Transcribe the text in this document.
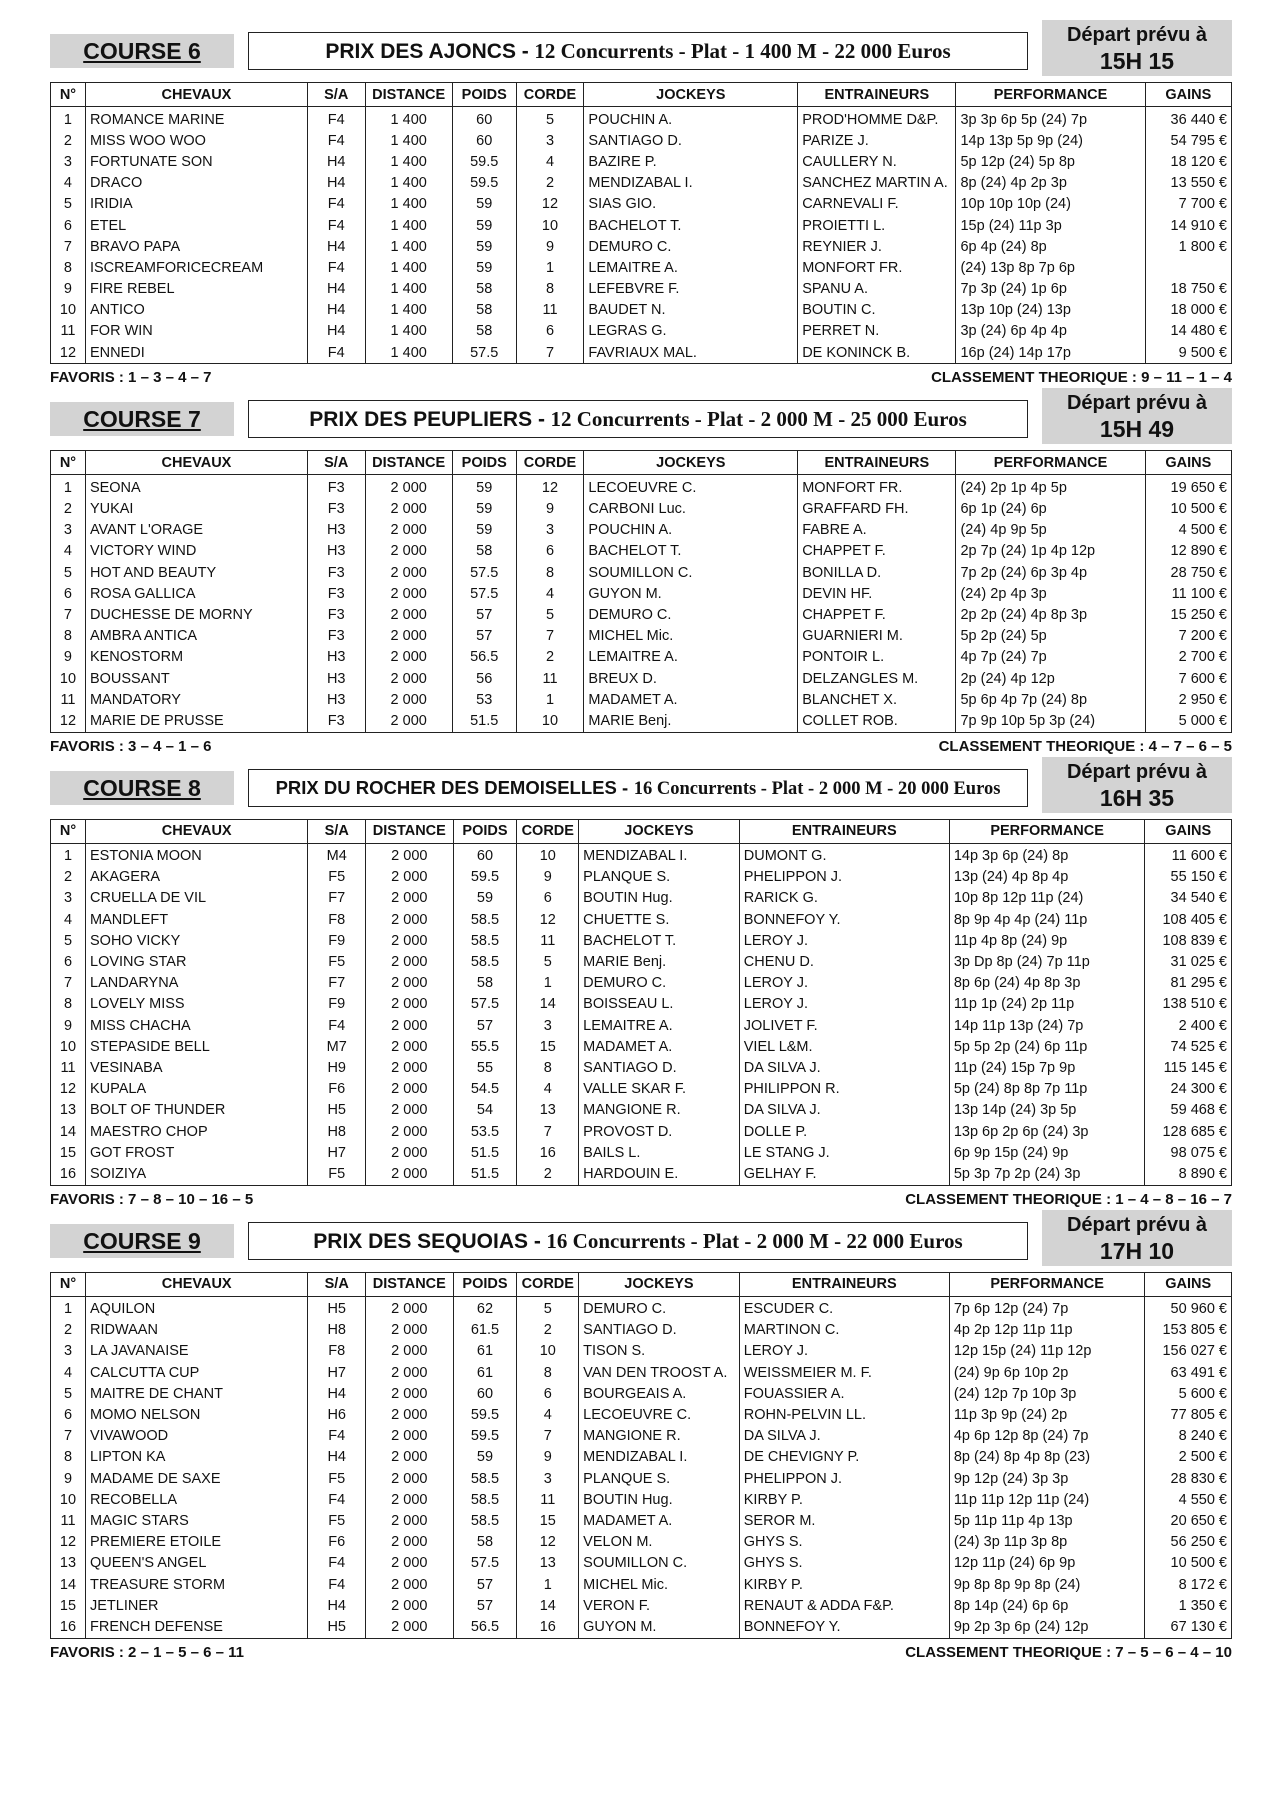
COURSE 6	PRIX DES AJONCS - 12 Concurrents - Plat - 1 400 M - 22 000 Euros
Départ prévu à
15H 15
N°	CHEVAUX	S/A	DISTANCE	POIDS	CORDE	JOCKEYS	ENTRAINEURS	PERFORMANCE	GAINS
1	ROMANCE MARINE	F4	1 400	60	5	POUCHIN A.	PROD'HOMME D&P.	3p 3p 6p 5p (24) 7p	36 440 €
2	MISS WOO WOO	F4	1 400	60	3	SANTIAGO D.	PARIZE J.	14p 13p 5p 9p (24)	54 795 €
3	FORTUNATE SON	H4	1 400	59.5	4	BAZIRE P.	CAULLERY N.	5p 12p (24) 5p 8p	18 120 €
4	DRACO	H4	1 400	59.5	2	MENDIZABAL I.	SANCHEZ MARTIN A.	8p (24) 4p 2p 3p	13 550 €
5	IRIDIA	F4	1 400	59	12	SIAS GIO.	CARNEVALI F.	10p 10p 10p (24)	7 700 €
6	ETEL	F4	1 400	59	10	BACHELOT T.	PROIETTI L.	15p (24) 11p 3p	14 910 €
7	BRAVO PAPA	H4	1 400	59	9	DEMURO C.	REYNIER J.	6p 4p (24) 8p	1 800 €
8	ISCREAMFORICECREAM	F4	1 400	59	1	LEMAITRE A.	MONFORT FR.	(24) 13p 8p 7p 6p	
9	FIRE REBEL	H4	1 400	58	8	LEFEBVRE F.	SPANU A.	7p 3p (24) 1p 6p	18 750 €
10	ANTICO	H4	1 400	58	11	BAUDET N.	BOUTIN C.	13p 10p (24) 13p	18 000 €
11	FOR WIN	H4	1 400	58	6	LEGRAS G.	PERRET N.	3p (24) 6p 4p 4p	14 480 €
12	ENNEDI	F4	1 400	57.5	7	FAVRIAUX MAL.	DE KONINCK B.	16p (24) 14p 17p	9 500 €
FAVORIS : 1 – 3 – 4 – 7	CLASSEMENT THEORIQUE : 9 – 11 – 1 – 4
COURSE 7	PRIX DES PEUPLIERS - 12 Concurrents - Plat - 2 000 M - 25 000 Euros
Départ prévu à
15H 49
N°	CHEVAUX	S/A	DISTANCE	POIDS	CORDE	JOCKEYS	ENTRAINEURS	PERFORMANCE	GAINS
1	SEONA	F3	2 000	59	12	LECOEUVRE C.	MONFORT FR.	(24) 2p 1p 4p 5p	19 650 €
2	YUKAI	F3	2 000	59	9	CARBONI Luc.	GRAFFARD FH.	6p 1p (24) 6p	10 500 €
3	AVANT L'ORAGE	H3	2 000	59	3	POUCHIN A.	FABRE A.	(24) 4p 9p 5p	4 500 €
4	VICTORY WIND	H3	2 000	58	6	BACHELOT T.	CHAPPET F.	2p 7p (24) 1p 4p 12p	12 890 €
5	HOT AND BEAUTY	F3	2 000	57.5	8	SOUMILLON C.	BONILLA D.	7p 2p (24) 6p 3p 4p	28 750 €
6	ROSA GALLICA	F3	2 000	57.5	4	GUYON M.	DEVIN HF.	(24) 2p 4p 3p	11 100 €
7	DUCHESSE DE MORNY	F3	2 000	57	5	DEMURO C.	CHAPPET F.	2p 2p (24) 4p 8p 3p	15 250 €
8	AMBRA ANTICA	F3	2 000	57	7	MICHEL Mic.	GUARNIERI M.	5p 2p (24) 5p	7 200 €
9	KENOSTORM	H3	2 000	56.5	2	LEMAITRE A.	PONTOIR L.	4p 7p (24) 7p	2 700 €
10	BOUSSANT	H3	2 000	56	11	BREUX D.	DELZANGLES M.	2p (24) 4p 12p	7 600 €
11	MANDATORY	H3	2 000	53	1	MADAMET A.	BLANCHET X.	5p 6p 4p 7p (24) 8p	2 950 €
12	MARIE DE PRUSSE	F3	2 000	51.5	10	MARIE Benj.	COLLET ROB.	7p 9p 10p 5p 3p (24)	5 000 €
FAVORIS : 3 – 4 – 1 – 6	CLASSEMENT THEORIQUE : 4 – 7 – 6 – 5
COURSE 8	PRIX DU ROCHER DES DEMOISELLES - 16 Concurrents - Plat - 2 000 M - 20 000 Euros
Départ prévu à
16H 35
N°	CHEVAUX	S/A	DISTANCE	POIDS	CORDE	JOCKEYS	ENTRAINEURS	PERFORMANCE	GAINS
1	ESTONIA MOON	M4	2 000	60	10	MENDIZABAL I.	DUMONT G.	14p 3p 6p (24) 8p	11 600 €
2	AKAGERA	F5	2 000	59.5	9	PLANQUE S.	PHELIPPON J.	13p (24) 4p 8p 4p	55 150 €
3	CRUELLA DE VIL	F7	2 000	59	6	BOUTIN Hug.	RARICK G.	10p 8p 12p 11p (24)	34 540 €
4	MANDLEFT	F8	2 000	58.5	12	CHUETTE S.	BONNEFOY Y.	8p 9p 4p 4p (24) 11p	108 405 €
5	SOHO VICKY	F9	2 000	58.5	11	BACHELOT T.	LEROY J.	11p 4p 8p (24) 9p	108 839 €
6	LOVING STAR	F5	2 000	58.5	5	MARIE Benj.	CHENU D.	3p Dp 8p (24) 7p 11p	31 025 €
7	LANDARYNA	F7	2 000	58	1	DEMURO C.	LEROY J.	8p 6p (24) 4p 8p 3p	81 295 €
8	LOVELY MISS	F9	2 000	57.5	14	BOISSEAU L.	LEROY J.	11p 1p (24) 2p 11p	138 510 €
9	MISS CHACHA	F4	2 000	57	3	LEMAITRE A.	JOLIVET F.	14p 11p 13p (24) 7p	2 400 €
10	STEPASIDE BELL	M7	2 000	55.5	15	MADAMET A.	VIEL L&M.	5p 5p 2p (24) 6p 11p	74 525 €
11	VESINABA	H9	2 000	55	8	SANTIAGO D.	DA SILVA J.	11p (24) 15p 7p 9p	115 145 €
12	KUPALA	F6	2 000	54.5	4	VALLE SKAR F.	PHILIPPON R.	5p (24) 8p 8p 7p 11p	24 300 €
13	BOLT OF THUNDER	H5	2 000	54	13	MANGIONE R.	DA SILVA J.	13p 14p (24) 3p 5p	59 468 €
14	MAESTRO CHOP	H8	2 000	53.5	7	PROVOST D.	DOLLE P.	13p 6p 2p 6p (24) 3p	128 685 €
15	GOT FROST	H7	2 000	51.5	16	BAILS L.	LE STANG J.	6p 9p 15p (24) 9p	98 075 €
16	SOIZIYA	F5	2 000	51.5	2	HARDOUIN E.	GELHAY F.	5p 3p 7p 2p (24) 3p	8 890 €
FAVORIS : 7 – 8 – 10 – 16 – 5	CLASSEMENT THEORIQUE : 1 – 4 – 8 – 16 – 7
COURSE 9	PRIX DES SEQUOIAS - 16 Concurrents - Plat - 2 000 M - 22 000 Euros
Départ prévu à
17H 10
N°	CHEVAUX	S/A	DISTANCE	POIDS	CORDE	JOCKEYS	ENTRAINEURS	PERFORMANCE	GAINS
1	AQUILON	H5	2 000	62	5	DEMURO C.	ESCUDER C.	7p 6p 12p (24) 7p	50 960 €
2	RIDWAAN	H8	2 000	61.5	2	SANTIAGO D.	MARTINON C.	4p 2p 12p 11p 11p	153 805 €
3	LA JAVANAISE	F8	2 000	61	10	TISON S.	LEROY J.	12p 15p (24) 11p 12p	156 027 €
4	CALCUTTA CUP	H7	2 000	61	8	VAN DEN TROOST A.	WEISSMEIER M. F.	(24) 9p 6p 10p 2p	63 491 €
5	MAITRE DE CHANT	H4	2 000	60	6	BOURGEAIS A.	FOUASSIER A.	(24) 12p 7p 10p 3p	5 600 €
6	MOMO NELSON	H6	2 000	59.5	4	LECOEUVRE C.	ROHN-PELVIN LL.	11p 3p 9p (24) 2p	77 805 €
7	VIVAWOOD	F4	2 000	59.5	7	MANGIONE R.	DA SILVA J.	4p 6p 12p 8p (24) 7p	8 240 €
8	LIPTON KA	H4	2 000	59	9	MENDIZABAL I.	DE CHEVIGNY P.	8p (24) 8p 4p 8p (23)	2 500 €
9	MADAME DE SAXE	F5	2 000	58.5	3	PLANQUE S.	PHELIPPON J.	9p 12p (24) 3p 3p	28 830 €
10	RECOBELLA	F4	2 000	58.5	11	BOUTIN Hug.	KIRBY P.	11p 11p 12p 11p (24)	4 550 €
11	MAGIC STARS	F5	2 000	58.5	15	MADAMET A.	SEROR M.	5p 11p 11p 4p 13p	20 650 €
12	PREMIERE ETOILE	F6	2 000	58	12	VELON M.	GHYS S.	(24) 3p 11p 3p 8p	56 250 €
13	QUEEN'S ANGEL	F4	2 000	57.5	13	SOUMILLON C.	GHYS S.	12p 11p (24) 6p 9p	10 500 €
14	TREASURE STORM	F4	2 000	57	1	MICHEL Mic.	KIRBY P.	9p 8p 8p 9p 8p (24)	8 172 €
15	JETLINER	H4	2 000	57	14	VERON F.	RENAUT & ADDA F&P.	8p 14p (24) 6p 6p	1 350 €
16	FRENCH DEFENSE	H5	2 000	56.5	16	GUYON M.	BONNEFOY Y.	9p 2p 3p 6p (24) 12p	67 130 €
FAVORIS : 2 – 1 – 5 – 6 – 11	CLASSEMENT THEORIQUE : 7 – 5 – 6 – 4 – 10
